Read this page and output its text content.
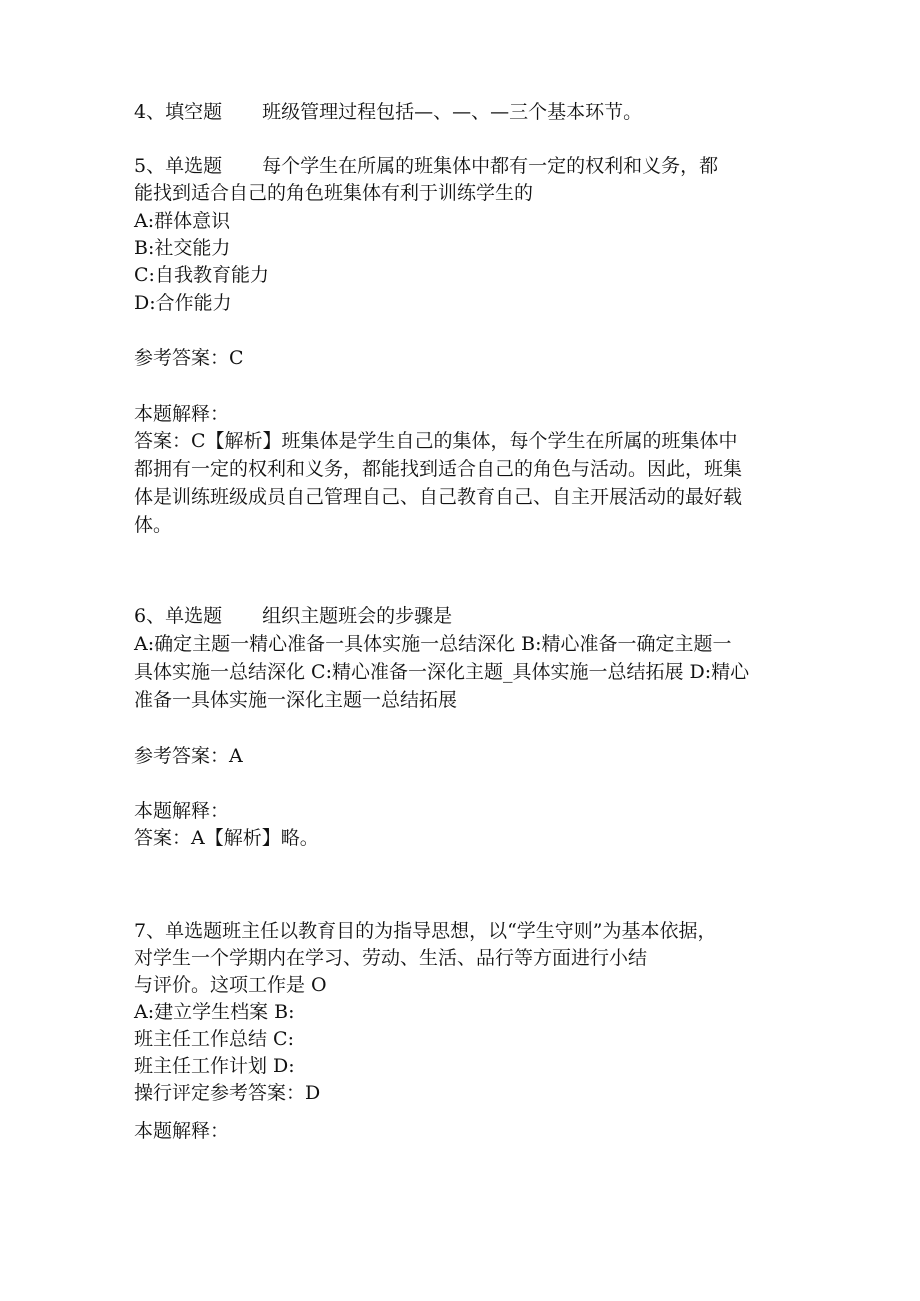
4、填空题 班级管理过程包括—、—、—三个基本环节。
5、单选题 每个学生在所属的班集体中都有一定的权利和义务，都
能找到适合自己的角色班集体有利于训练学生的
A:群体意识
B:社交能力
C:自我教育能力
D:合作能力
参考答案：C
本题解释：
答案：C【解析】班集体是学生自己的集体，每个学生在所属的班集体中
都拥有一定的权利和义务，都能找到适合自己的角色与活动。因此，班集
体是训练班级成员自己管理自己、自己教育自己、自主开展活动的最好载
体。
6、单选题 组织主题班会的步骤是
A:确定主题一精心准备一具体实施一总结深化 B:精心准备一确定主题一
具体实施一总结深化 C:精心准备一深化主题_具体实施一总结拓展 D:精心
准备一具体实施一深化主题一总结拓展
参考答案：A
本题解释：
答案：A【解析】略。
7、单选题班主任以教育目的为指导思想，以“学生守则”为基本依据，
对学生一个学期内在学习、劳动、生活、品行等方面进行小结
与评价。这项工作是 O
A:建立学生档案 B:
班主任工作总结 C:
班主任工作计划 D:
操行评定参考答案：D
本题解释：
